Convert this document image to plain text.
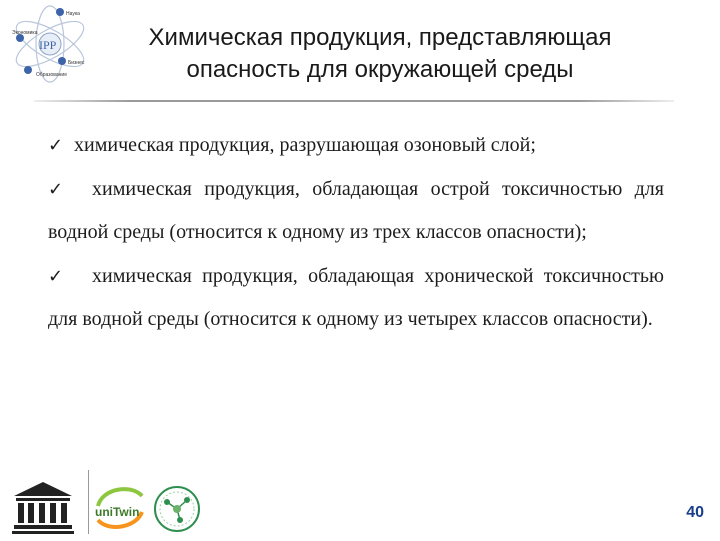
IPP
Наука
Бизнес
Экономика
Образование
Химическая продукция, представляющая
опасность для окружающей среды

✓ химическая продукция, разрушающая озоновый слой;

✓ химическая продукция, обладающая острой токсичностью для водной среды (относится к одному из трех классов опасности);

✓ химическая продукция, обладающая хронической токсичностью для водной среды (относится к одному из четырех классов опасности).

uniTwin	40
